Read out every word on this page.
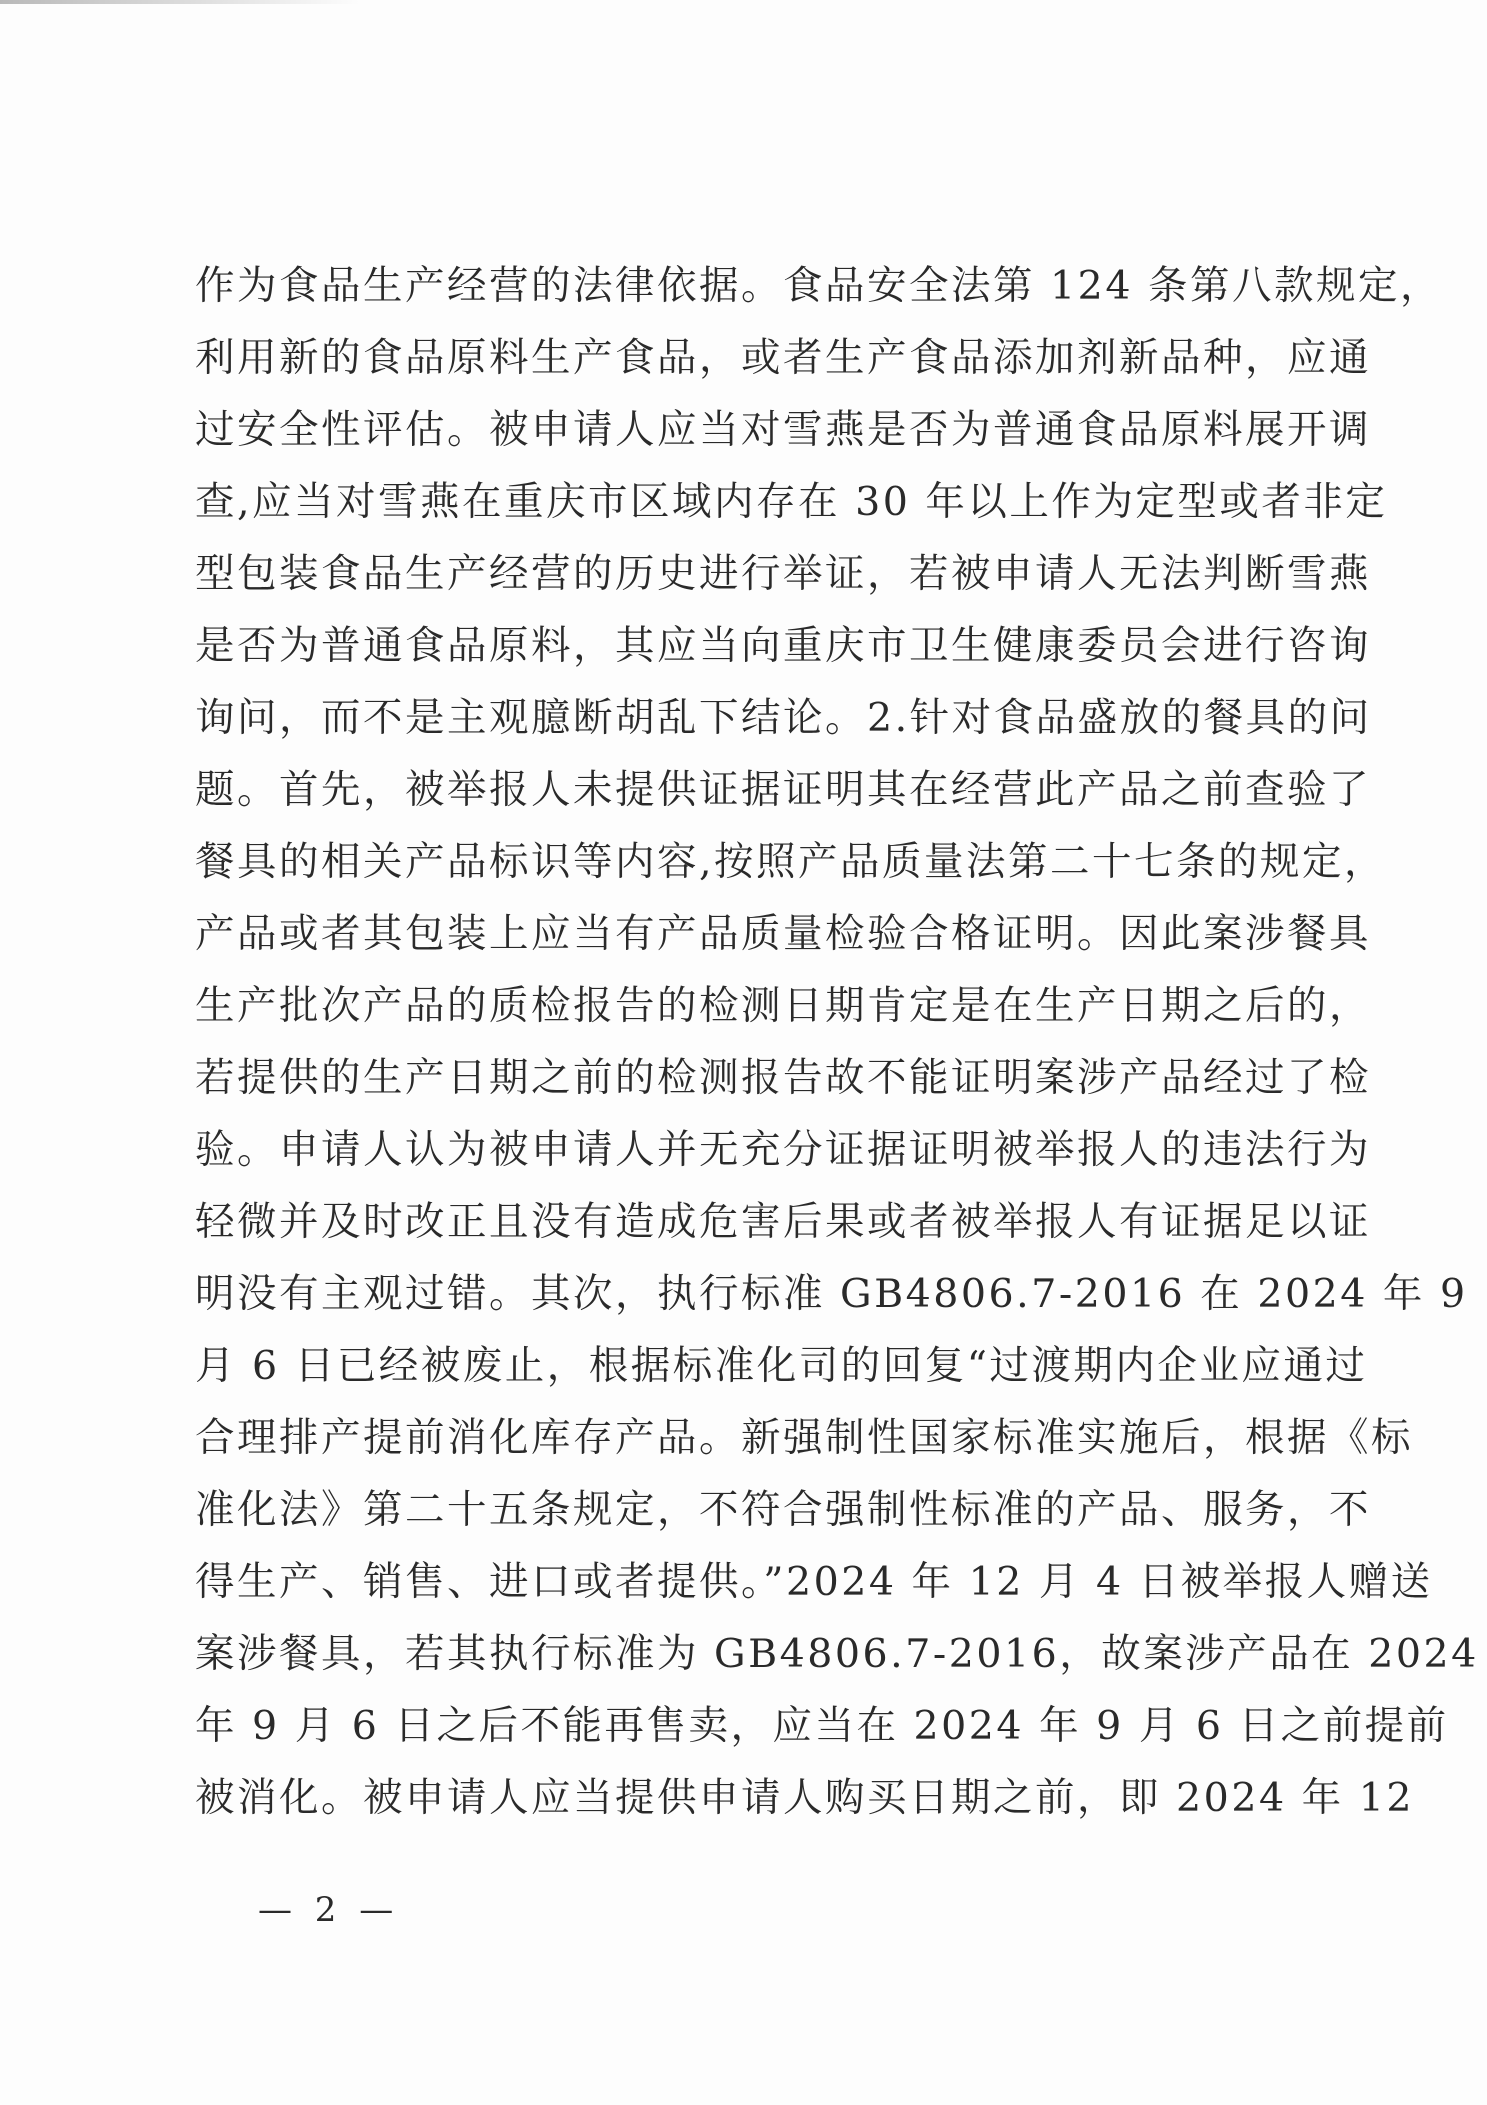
作为食品生产经营的法律依据。食品安全法第 124 条第八款规定，
利用新的食品原料生产食品，或者生产食品添加剂新品种，应通
过安全性评估。被申请人应当对雪燕是否为普通食品原料展开调
查,应当对雪燕在重庆市区域内存在 30 年以上作为定型或者非定
型包装食品生产经营的历史进行举证，若被申请人无法判断雪燕
是否为普通食品原料，其应当向重庆市卫生健康委员会进行咨询
询问，而不是主观臆断胡乱下结论。2.针对食品盛放的餐具的问
题。首先，被举报人未提供证据证明其在经营此产品之前查验了
餐具的相关产品标识等内容,按照产品质量法第二十七条的规定，
产品或者其包装上应当有产品质量检验合格证明。因此案涉餐具
生产批次产品的质检报告的检测日期肯定是在生产日期之后的，
若提供的生产日期之前的检测报告故不能证明案涉产品经过了检
验。申请人认为被申请人并无充分证据证明被举报人的违法行为
轻微并及时改正且没有造成危害后果或者被举报人有证据足以证
明没有主观过错。其次，执行标准 GB4806.7-2016 在 2024 年 9
月 6 日已经被废止，根据标准化司的回复“过渡期内企业应通过
合理排产提前消化库存产品。新强制性国家标准实施后，根据《标
准化法》第二十五条规定，不符合强制性标准的产品、服务，不
得生产、销售、进口或者提供。”2024 年 12 月 4 日被举报人赠送
案涉餐具，若其执行标准为 GB4806.7-2016，故案涉产品在 2024
年 9 月 6 日之后不能再售卖，应当在 2024 年 9 月 6 日之前提前
被消化。被申请人应当提供申请人购买日期之前，即 2024 年 12
— 2 —
